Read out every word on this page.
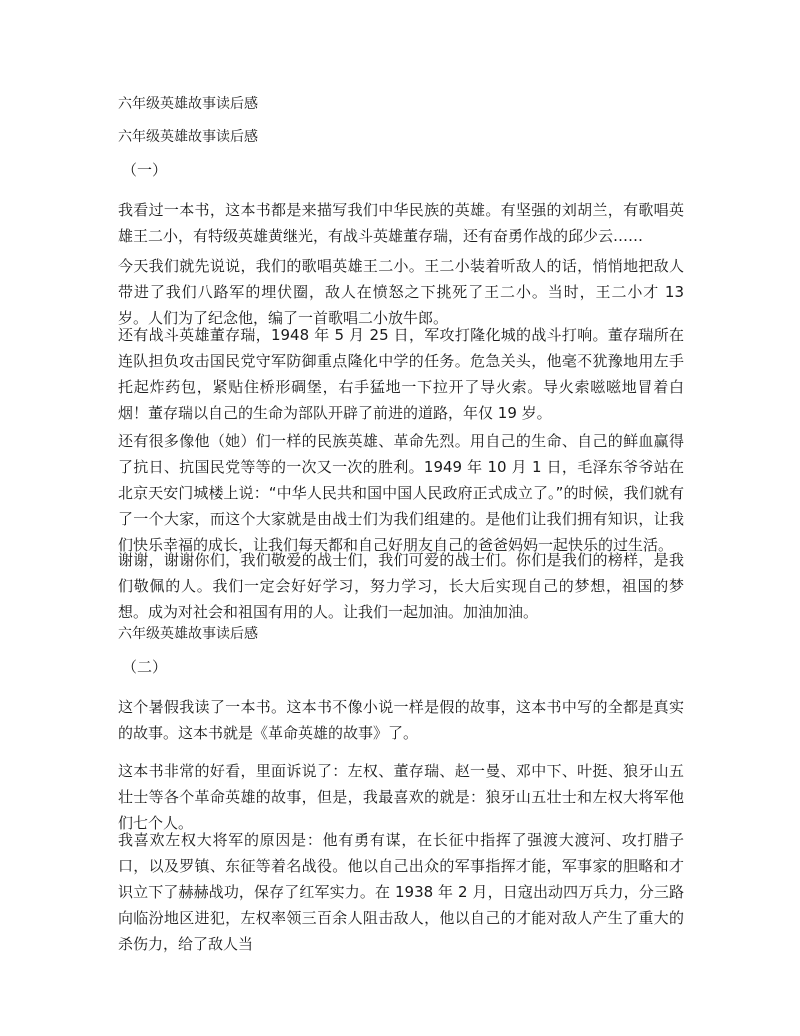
六年级英雄故事读后感

六年级英雄故事读后感

（一）

我看过一本书，这本书都是来描写我们中华民族的英雄。有坚强的刘胡兰，有歌唱英雄王二小，有特级英雄黄继光，有战斗英雄董存瑞，还有奋勇作战的邱少云……

今天我们就先说说，我们的歌唱英雄王二小。王二小装着听敌人的话，悄悄地把敌人带进了我们八路军的埋伏圈，敌人在愤怒之下挑死了王二小。当时，王二小才 13 岁。人们为了纪念他，编了一首歌唱二小放牛郎。

还有战斗英雄董存瑞，1948 年 5 月 25 日，军攻打隆化城的战斗打响。董存瑞所在连队担负攻击国民党守军防御重点隆化中学的任务。危急关头，他毫不犹豫地用左手托起炸药包，紧贴住桥形碉堡，右手猛地一下拉开了导火索。导火索嗞嗞地冒着白烟！董存瑞以自己的生命为部队开辟了前进的道路，年仅 19 岁。

还有很多像他（她）们一样的民族英雄、革命先烈。用自己的生命、自己的鲜血赢得了抗日、抗国民党等等的一次又一次的胜利。1949 年 10 月 1 日，毛泽东爷爷站在北京天安门城楼上说：“中华人民共和国中国人民政府正式成立了。”的时候，我们就有了一个大家，而这个大家就是由战士们为我们组建的。是他们让我们拥有知识，让我们快乐幸福的成长，让我们每天都和自己好朋友自己的爸爸妈妈一起快乐的过生活。

谢谢，谢谢你们，我们敬爱的战士们，我们可爱的战士们。你们是我们的榜样，是我们敬佩的人。我们一定会好好学习，努力学习，长大后实现自己的梦想，祖国的梦想。成为对社会和祖国有用的人。让我们一起加油。加油加油。

六年级英雄故事读后感

（二）

这个暑假我读了一本书。这本书不像小说一样是假的故事，这本书中写的全都是真实的故事。这本书就是《革命英雄的故事》了。

这本书非常的好看，里面诉说了：左权、董存瑞、赵一曼、邓中下、叶挺、狼牙山五壮士等各个革命英雄的故事，但是，我最喜欢的就是：狼牙山五壮士和左权大将军他们七个人。

我喜欢左权大将军的原因是：他有勇有谋，在长征中指挥了强渡大渡河、攻打腊子口，以及罗镇、东征等着名战役。他以自己出众的军事指挥才能，军事家的胆略和才识立下了赫赫战功，保存了红军实力。在 1938 年 2 月，日寇出动四万兵力，分三路向临汾地区进犯，左权率领三百余人阻击敌人，他以自己的才能对敌人产生了重大的杀伤力，给了敌人当
